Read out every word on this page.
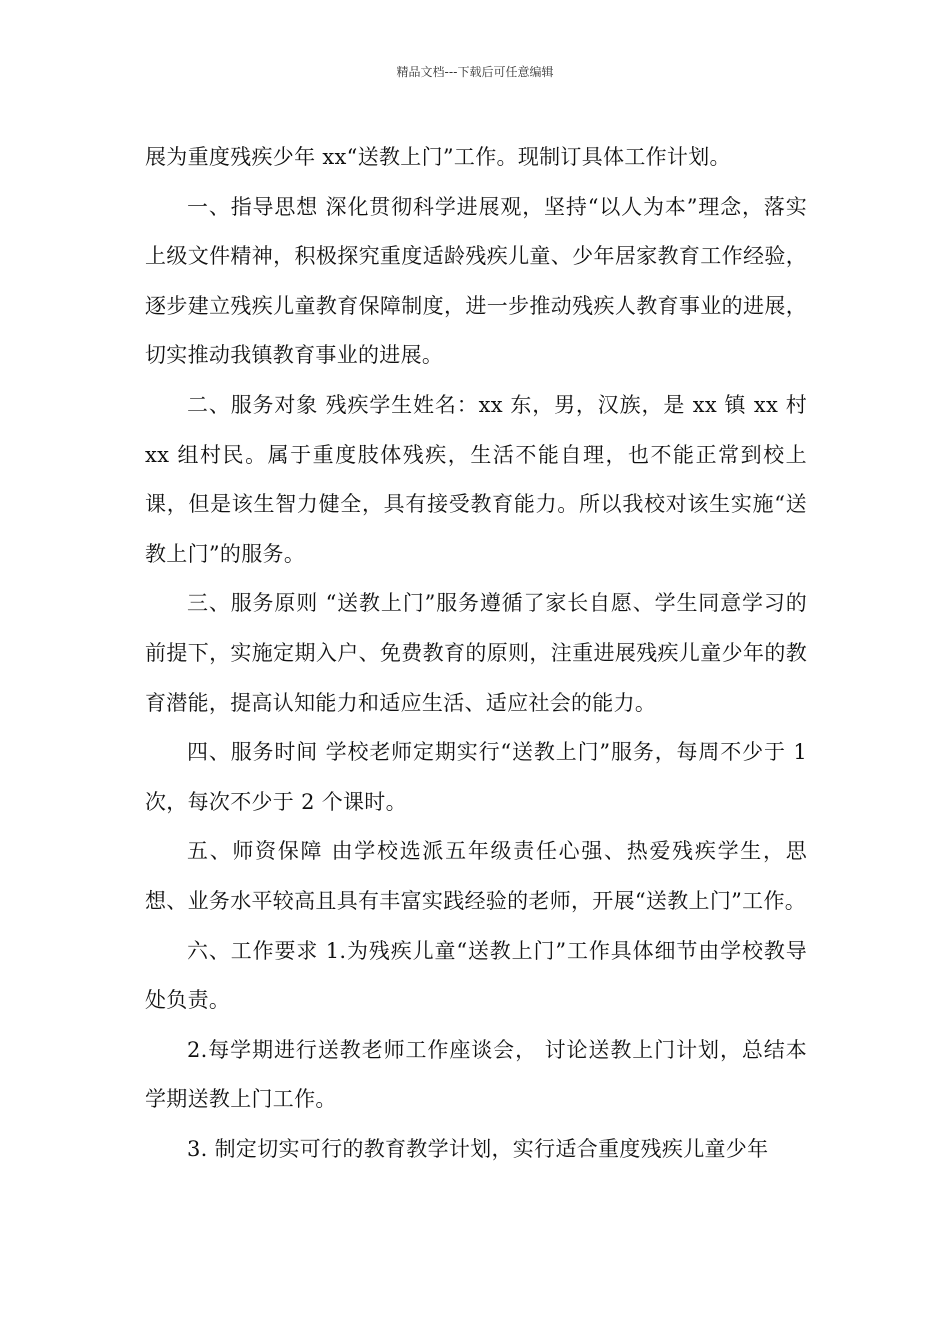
精品文档---下载后可任意编辑

展为重度残疾少年 xx“送教上门”工作。现制订具体工作计划。

一、指导思想 深化贯彻科学进展观，坚持“以人为本”理念，落实上级文件精神，积极探究重度适龄残疾儿童、少年居家教育工作经验，逐步建立残疾儿童教育保障制度，进一步推动残疾人教育事业的进展，切实推动我镇教育事业的进展。

二、服务对象 残疾学生姓名：xx 东，男，汉族，是 xx 镇 xx 村 xx 组村民。属于重度肢体残疾，生活不能自理，也不能正常到校上课，但是该生智力健全，具有接受教育能力。所以我校对该生实施“送教上门”的服务。

三、服务原则 “送教上门”服务遵循了家长自愿、学生同意学习的前提下，实施定期入户、免费教育的原则，注重进展残疾儿童少年的教育潜能，提高认知能力和适应生活、适应社会的能力。

四、服务时间 学校老师定期实行“送教上门”服务，每周不少于 1 次，每次不少于 2 个课时。

五、师资保障 由学校选派五年级责任心强、热爱残疾学生，思想、业务水平较高且具有丰富实践经验的老师，开展“送教上门”工作。

六、工作要求 1.为残疾儿童“送教上门”工作具体细节由学校教导处负责。

2.每学期进行送教老师工作座谈会， 讨论送教上门计划，总结本学期送教上门工作。

3. 制定切实可行的教育教学计划，实行适合重度残疾儿童少年
